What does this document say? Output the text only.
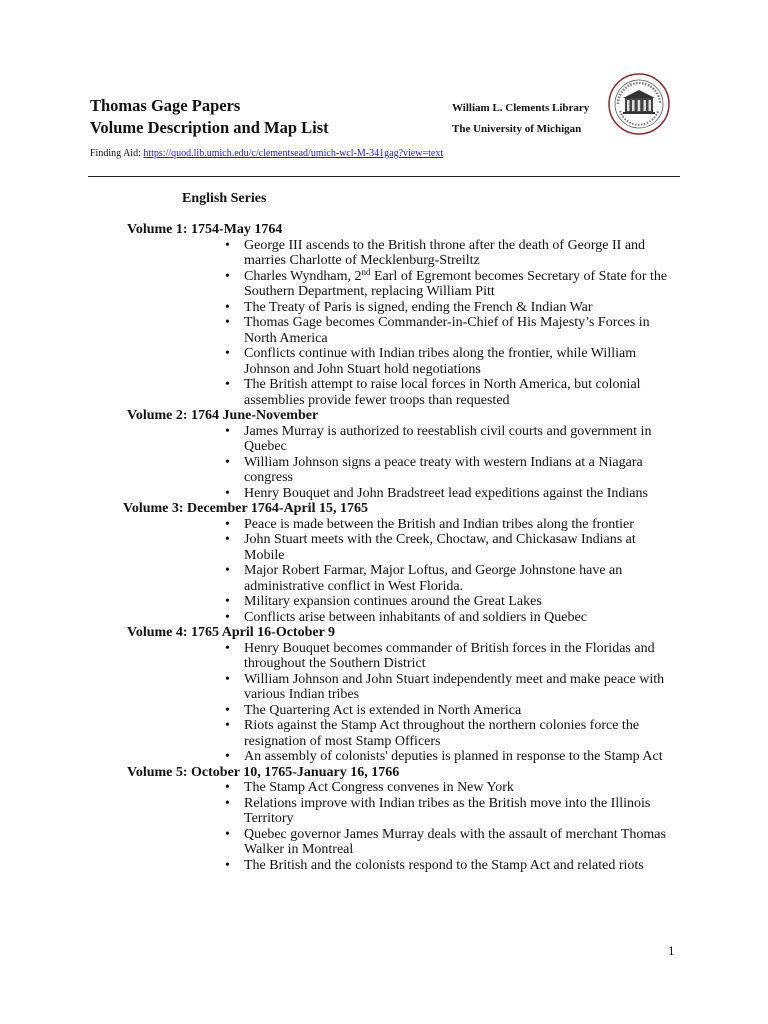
Thomas Gage Papers
Volume Description and Map List
William L. Clements Library
The University of Michigan
Finding Aid: https://quod.lib.umich.edu/c/clementsead/umich-wcl-M-341gag?view=text
English Series
Volume 1: 1754-May 1764
• George III ascends to the British throne after the death of George II and marries Charlotte of Mecklenburg-Streiltz
• Charles Wyndham, 2nd Earl of Egremont becomes Secretary of State for the Southern Department, replacing William Pitt
• The Treaty of Paris is signed, ending the French & Indian War
• Thomas Gage becomes Commander-in-Chief of His Majesty’s Forces in North America
• Conflicts continue with Indian tribes along the frontier, while William Johnson and John Stuart hold negotiations
• The British attempt to raise local forces in North America, but colonial assemblies provide fewer troops than requested
Volume 2: 1764 June-November
• James Murray is authorized to reestablish civil courts and government in Quebec
• William Johnson signs a peace treaty with western Indians at a Niagara congress
• Henry Bouquet and John Bradstreet lead expeditions against the Indians
Volume 3: December 1764-April 15, 1765
• Peace is made between the British and Indian tribes along the frontier
• John Stuart meets with the Creek, Choctaw, and Chickasaw Indians at Mobile
• Major Robert Farmar, Major Loftus, and George Johnstone have an administrative conflict in West Florida.
• Military expansion continues around the Great Lakes
• Conflicts arise between inhabitants of and soldiers in Quebec
Volume 4: 1765 April 16-October 9
• Henry Bouquet becomes commander of British forces in the Floridas and throughout the Southern District
• William Johnson and John Stuart independently meet and make peace with various Indian tribes
• The Quartering Act is extended in North America
• Riots against the Stamp Act throughout the northern colonies force the resignation of most Stamp Officers
• An assembly of colonists' deputies is planned in response to the Stamp Act
Volume 5: October 10, 1765-January 16, 1766
• The Stamp Act Congress convenes in New York
• Relations improve with Indian tribes as the British move into the Illinois Territory
• Quebec governor James Murray deals with the assault of merchant Thomas Walker in Montreal
• The British and the colonists respond to the Stamp Act and related riots
1
